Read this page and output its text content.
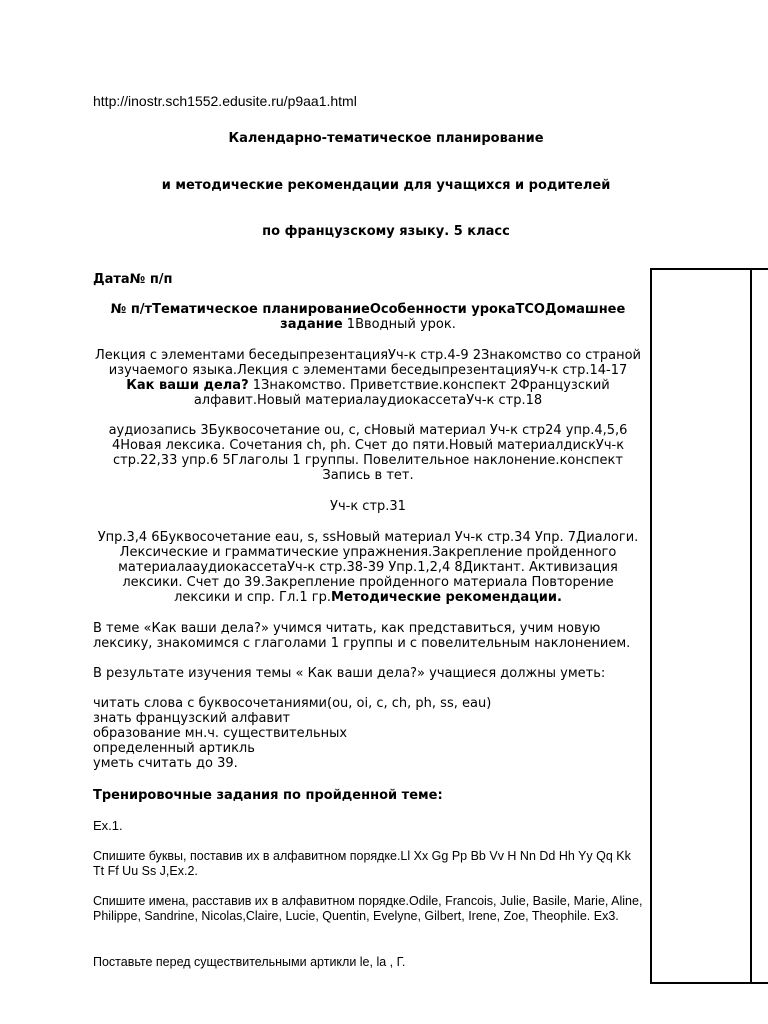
http://inostr.sch1552.edusite.ru/p9aa1.html
Календарно-тематическое планирование
и методические рекомендации для учащихся и родителей
по французскому языку. 5 класс
Дата№ п/п
№ п/тТематическое планированиеОсобенности урокаТСОДомашнее задание 1Вводный урок.
Лекция с элементами беседыпрезентацияУч-к стр.4-9 2Знакомство со страной изучаемого языка.Лекция с элементами беседыпрезентацияУч-к стр.14-17 Как ваши дела? 1Знакомство. Приветствие.конспект 2Французский алфавит.Новый материалаудиокассетаУч-к стр.18
аудиозапись 3Буквосочетание ou, c, cНовый материал Уч-к стр24 упр.4,5,6 4Новая лексика. Сочетания ch, ph. Счет до пяти.Новый материалдискУч-к стр.22,33 упр.6 5Глаголы 1 группы. Повелительное наклонение.конспект Запись в тет.
Уч-к стр.31
Упр.3,4 6Буквосочетание eau, s, ssНовый материал Уч-к стр.34 Упр. 7Диалоги. Лексические и грамматические упражнения.Закрепление пройденного материалааудиокассетаУч-к стр.38-39 Упр.1,2,4 8Диктант. Активизация лексики. Счет до 39.Закрепление пройденного материала Повторение лексики и спр. Гл.1 гр.Методические рекомендации.
В теме «Как ваши дела?» учимся читать, как представиться, учим новую лексику, знакомимся с глаголами 1 группы и с повелительным наклонением.
В результате изучения темы « Как ваши дела?» учащиеся должны уметь:
читать слова с буквосочетаниями(ou, oi, c, ch, ph, ss, eau)
знать французский алфавит
образование мн.ч. существительных
определенный артикль
уметь считать до 39.
Тренировочные задания по пройденной теме:
Ex.1.
Спишите буквы, поставив их в алфавитном порядке.Ll Xx Gg Pp Bb Vv H Nn Dd Hh Yy Qq Kk Tt Ff Uu Ss J,Ex.2.
Спишите имена, расставив их в алфавитном порядке.Odile, Francois, Julie, Basile, Marie, Aline, Philippe, Sandrine, Nicolas,Claire, Lucie, Quentin, Evelyne, Gilbert, Irene, Zoe, Theophile. Ex3.
Поставьте перед существительными артикли le, la , Г.
